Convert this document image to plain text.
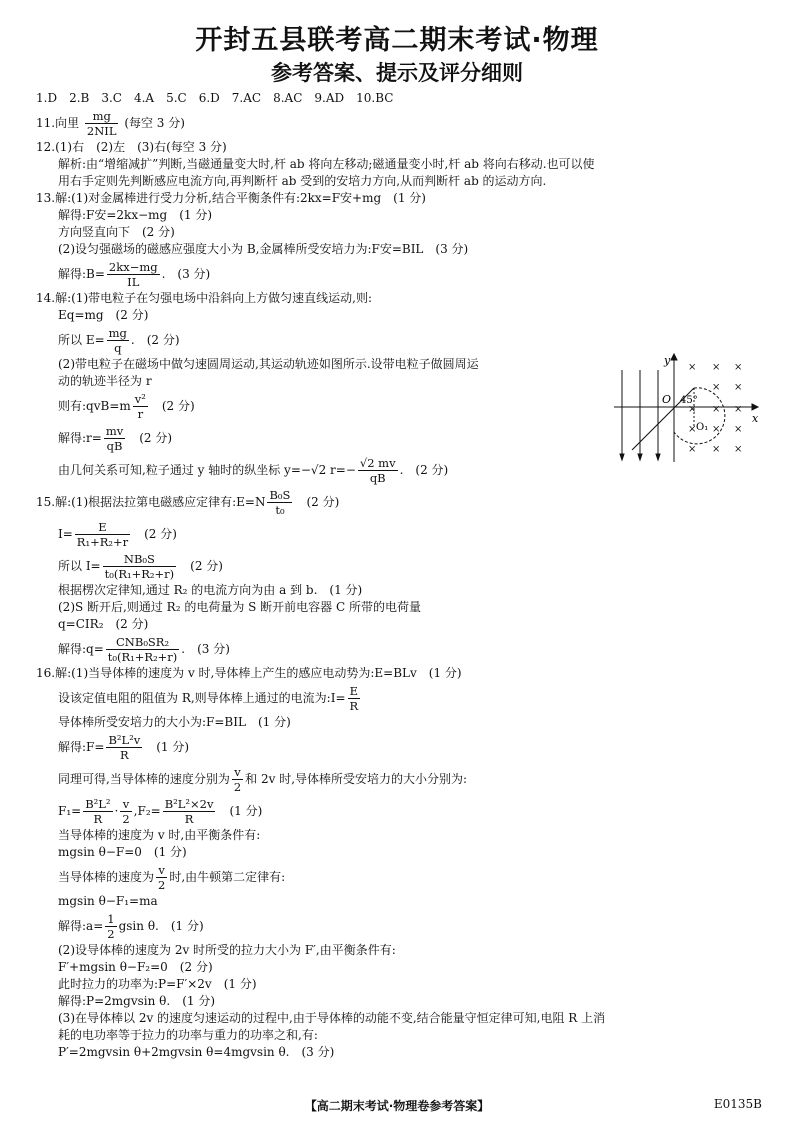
开封五县联考高二期末考试·物理
参考答案、提示及评分细则
1.D　2.B　3.C　4.A　5.C　6.D　7.AC　8.AC　9.AD　10.BC
11.向里 $\frac{mg}{\text{2NIL}}$ (每空 3 分)
12.(1)右　(2)左　(3)右(每空 3 分)
解析:由“增缩减扩”判断,当磁通量变大时,杆 ab 将向左移动;磁通量变小时,杆 ab 将向右移动.也可以使
用右手定则先判断感应电流方向,再判断杆 ab 受到的安培力方向,从而判断杆 ab 的运动方向.
13.解:(1)对金属棒进行受力分析,结合平衡条件有:2kx=F安+mg　(1 分)
解得:F安=2kx−mg　(1 分)
方向竖直向下　(2 分)
(2)设匀强磁场的磁感应强度大小为 B,金属棒所受安培力为:F安=BIL　(3 分)
解得:B= $\frac{2kx-mg}{IL}$ .　(3 分)
14.解:(1)带电粒子在匀强电场中沿斜向上方做匀速直线运动,则:
Eq=mg　(2 分)
所以 $E= \frac{mg}{q}$ .　(2 分)
(2)带电粒子在磁场中做匀速圆周运动,其运动轨迹如图所示.设带电粒子做圆周运
动的轨迹半径为 r
则有:qvB=m $\frac{\text{v²}}{r}$ 　(2 分)
解得:r= $\frac{mv}{qB}$ 　(2 分)
由几何关系可知,粒子通过 y 轴时的纵坐标 y=−√2 $r=- \frac{√2 mv}{qB}$ .　(2 分)
15.解:(1)根据法拉第电磁感应定律有:E=N $\frac{\text{B₀S}}{\text{t₀}}$ 　(2 分)
$I= \frac{E}{\text{R₁+R₂+r}}$ 　(2 分)
所以 $I= \frac{\text{NB₀S}}{\text{t₀(R₁+R₂+r)}}$ 　(2 分)
根据楞次定律知,通过 R₂ 的电流方向为由 a 到 b.　(1 分)
(2)S 断开后,则通过 R₂ 的电荷量为 S 断开前电容器 C 所带的电荷量
q=CIR₂　(2 分)
解得:q= $\frac{\text{CNB₀SR₂}}{\text{t₀(R₁+R₂+r)}}$ .　(3 分)
16.解:(1)当导体棒的速度为 v 时,导体棒上产生的感应电动势为:E=BLv　(1 分)
设该定值电阻的阻值为 R,则导体棒上通过的电流为:I= $\frac{E}{R}$
导体棒所受安培力的大小为:F=BIL　(1 分)
解得:F= $\frac{\text{B²L²v}}{R}$ 　(1 分)
同理可得,当导体棒的速度分别为 $\frac{v}{2}$ 和 2v 时,导体棒所受安培力的大小分别为:
$F_1= \frac{\text{B²L²}}{R} \cdot \frac{v}{2} ,F_2= \frac{\text{B²L²×2v}}{R}$ 　(1 分)
当导体棒的速度为 v 时,由平衡条件有:
mgsin θ−F=0　(1 分)
当导体棒的速度为 $\frac{v}{2}$ 时,由牛顿第二定律有:
mgsin θ−F₁=ma
解得:a= $\frac{1}{2}$ gsin θ.　(1 分)
(2)设导体棒的速度为 2v 时所受的拉力大小为 F′,由平衡条件有:
F′+mgsin θ−F₂=0　(2 分)
此时拉力的功率为:P=F′×2v　(1 分)
解得:P=2mgvsin θ.　(1 分)
(3)在导体棒以 2v 的速度匀速运动的过程中,由于导体棒的动能不变,结合能量守恒定律可知,电阻 R 上消
耗的电功率等于拉力的功率与重力的功率之和,有:
P′=2mgvsin θ+2mgvsin θ=4mgvsin θ.　(3 分)
y
x
O 45°
O₁
× ×
×
×
×
× ×
×
× × ×
× × ×
【高二期末考试·物理卷参考答案】	E0135B
